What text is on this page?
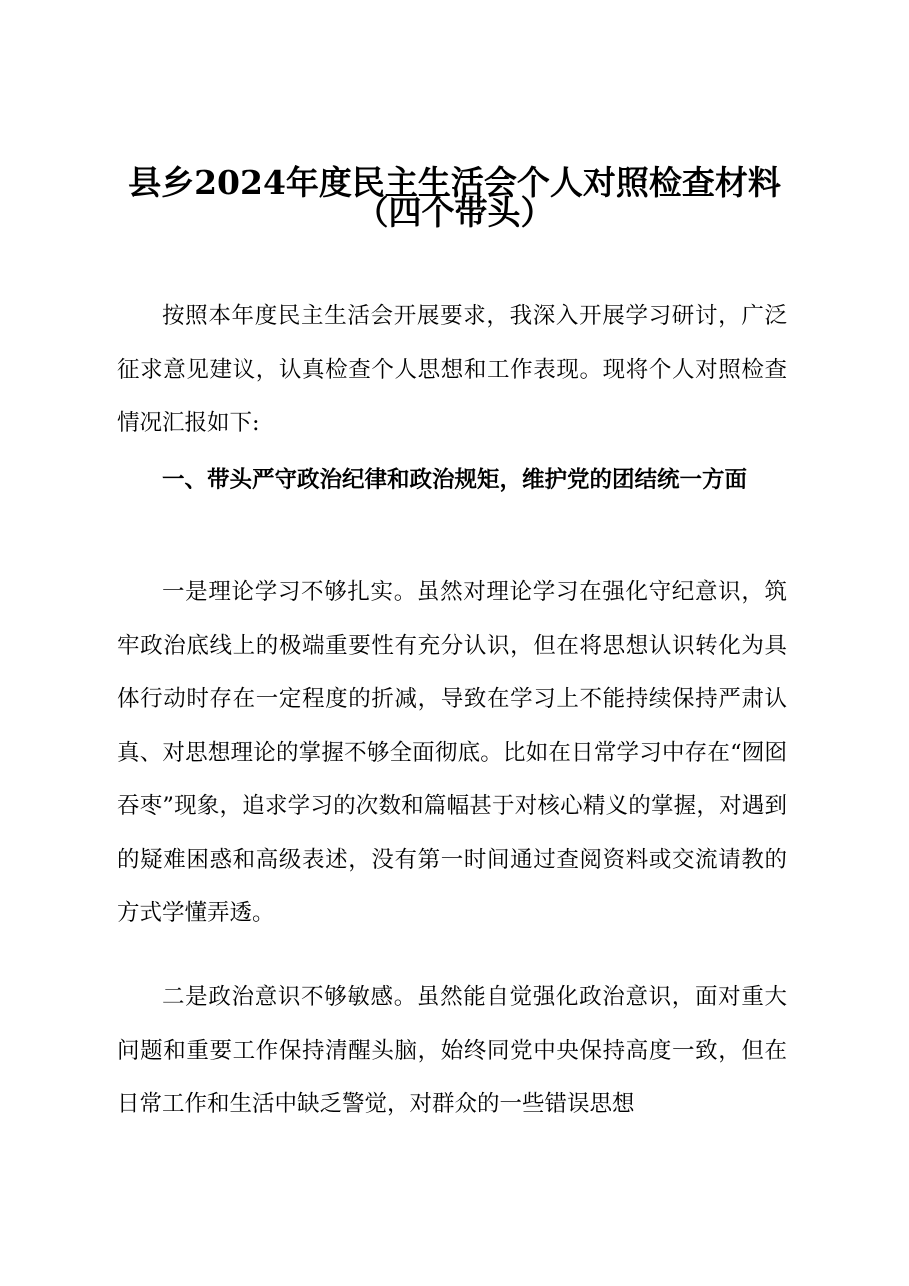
县乡2024年度民主生活会个人对照检查材料
（四个带头）

按照本年度民主生活会开展要求，我深入开展学习研讨，广泛征求意见建议，认真检查个人思想和工作表现。现将个人对照检查情况汇报如下:

一、带头严守政治纪律和政治规矩，维护党的团结统一方面

一是理论学习不够扎实。虽然对理论学习在强化守纪意识，筑牢政治底线上的极端重要性有充分认识，但在将思想认识转化为具体行动时存在一定程度的折减，导致在学习上不能持续保持严肃认真、对思想理论的掌握不够全面彻底。比如在日常学习中存在“囫囵吞枣”现象，追求学习的次数和篇幅甚于对核心精义的掌握，对遇到的疑难困惑和高级表述，没有第一时间通过查阅资料或交流请教的方式学懂弄透。

二是政治意识不够敏感。虽然能自觉强化政治意识，面对重大问题和重要工作保持清醒头脑，始终同党中央保持高度一致，但在日常工作和生活中缺乏警觉，对群众的一些错误思想
